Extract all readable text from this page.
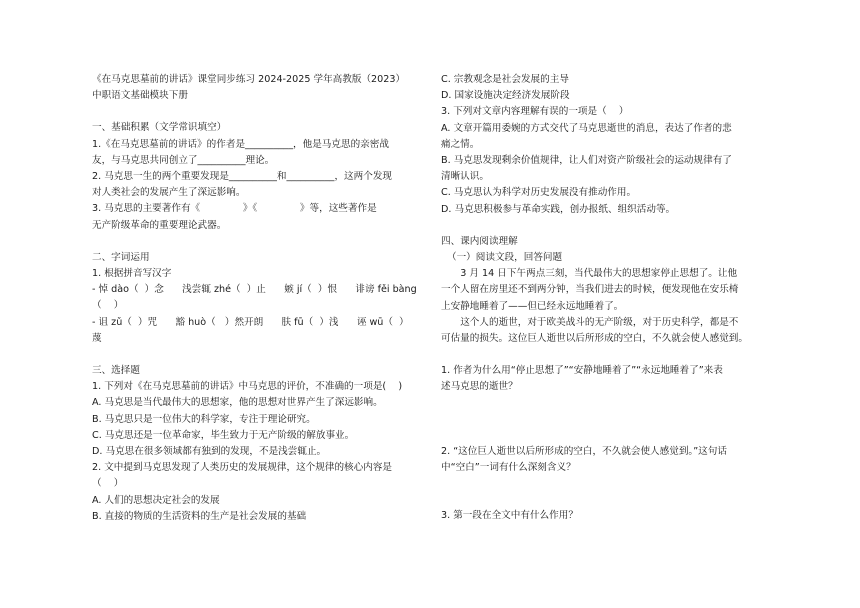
《在马克思墓前的讲话》课堂同步练习 2024-2025 学年高教版（2023）

中职语文基础模块下册

一、基础积累（文学常识填空）

1.《在马克思墓前的讲话》的作者是__________，他是马克思的亲密战

友，与马克思共同创立了__________理论。

2. 马克思一生的两个重要发现是__________和__________，这两个发现

对人类社会的发展产生了深远影响。

3. 马克思的主要著作有《              》《              》等，这些著作是

无产阶级革命的重要理论武器。

二、字词运用

1. 根据拼音写汉字

- 悼 dào（  ）念      浅尝辄 zhé（  ）止      嫉 jí（  ）恨      诽谤 fěi bàng

（    ）

- 诅 zǔ（  ）咒      豁 huò（   ）然开朗      肤 fū（  ）浅      诬 wū（  ）

蔑

三、选择题

1. 下列对《在马克思墓前的讲话》中马克思的评价，不准确的一项是(    )

A. 马克思是当代最伟大的思想家，他的思想对世界产生了深远影响。

B. 马克思只是一位伟大的科学家，专注于理论研究。

C. 马克思还是一位革命家，毕生致力于无产阶级的解放事业。

D. 马克思在很多领域都有独到的发现，不是浅尝辄止。

2. 文中提到马克思发现了人类历史的发展规律，这个规律的核心内容是

（    ）

A. 人们的思想决定社会的发展

B. 直接的物质的生活资料的生产是社会发展的基础

C. 宗教观念是社会发展的主导

D. 国家设施决定经济发展阶段

3. 下列对文章内容理解有误的一项是（    ）

A. 文章开篇用委婉的方式交代了马克思逝世的消息，表达了作者的悲

痛之情。

B. 马克思发现剩余价值规律，让人们对资产阶级社会的运动规律有了

清晰认识。

C. 马克思认为科学对历史发展没有推动作用。

D. 马克思积极参与革命实践，创办报纸、组织活动等。

四、课内阅读理解

（一）阅读文段，回答问题

3 月 14 日下午两点三刻，当代最伟大的思想家停止思想了。让他

一个人留在房里还不到两分钟，当我们进去的时候，便发现他在安乐椅

上安静地睡着了——但已经永远地睡着了。

这个人的逝世，对于欧美战斗的无产阶级，对于历史科学，都是不

可估量的损失。这位巨人逝世以后所形成的空白，不久就会使人感觉到。

1. 作者为什么用“停止思想了”“安静地睡着了”“永远地睡着了”来表

述马克思的逝世？

2. “这位巨人逝世以后所形成的空白，不久就会使人感觉到。”这句话

中“空白”一词有什么深刻含义？

3. 第一段在全文中有什么作用？
